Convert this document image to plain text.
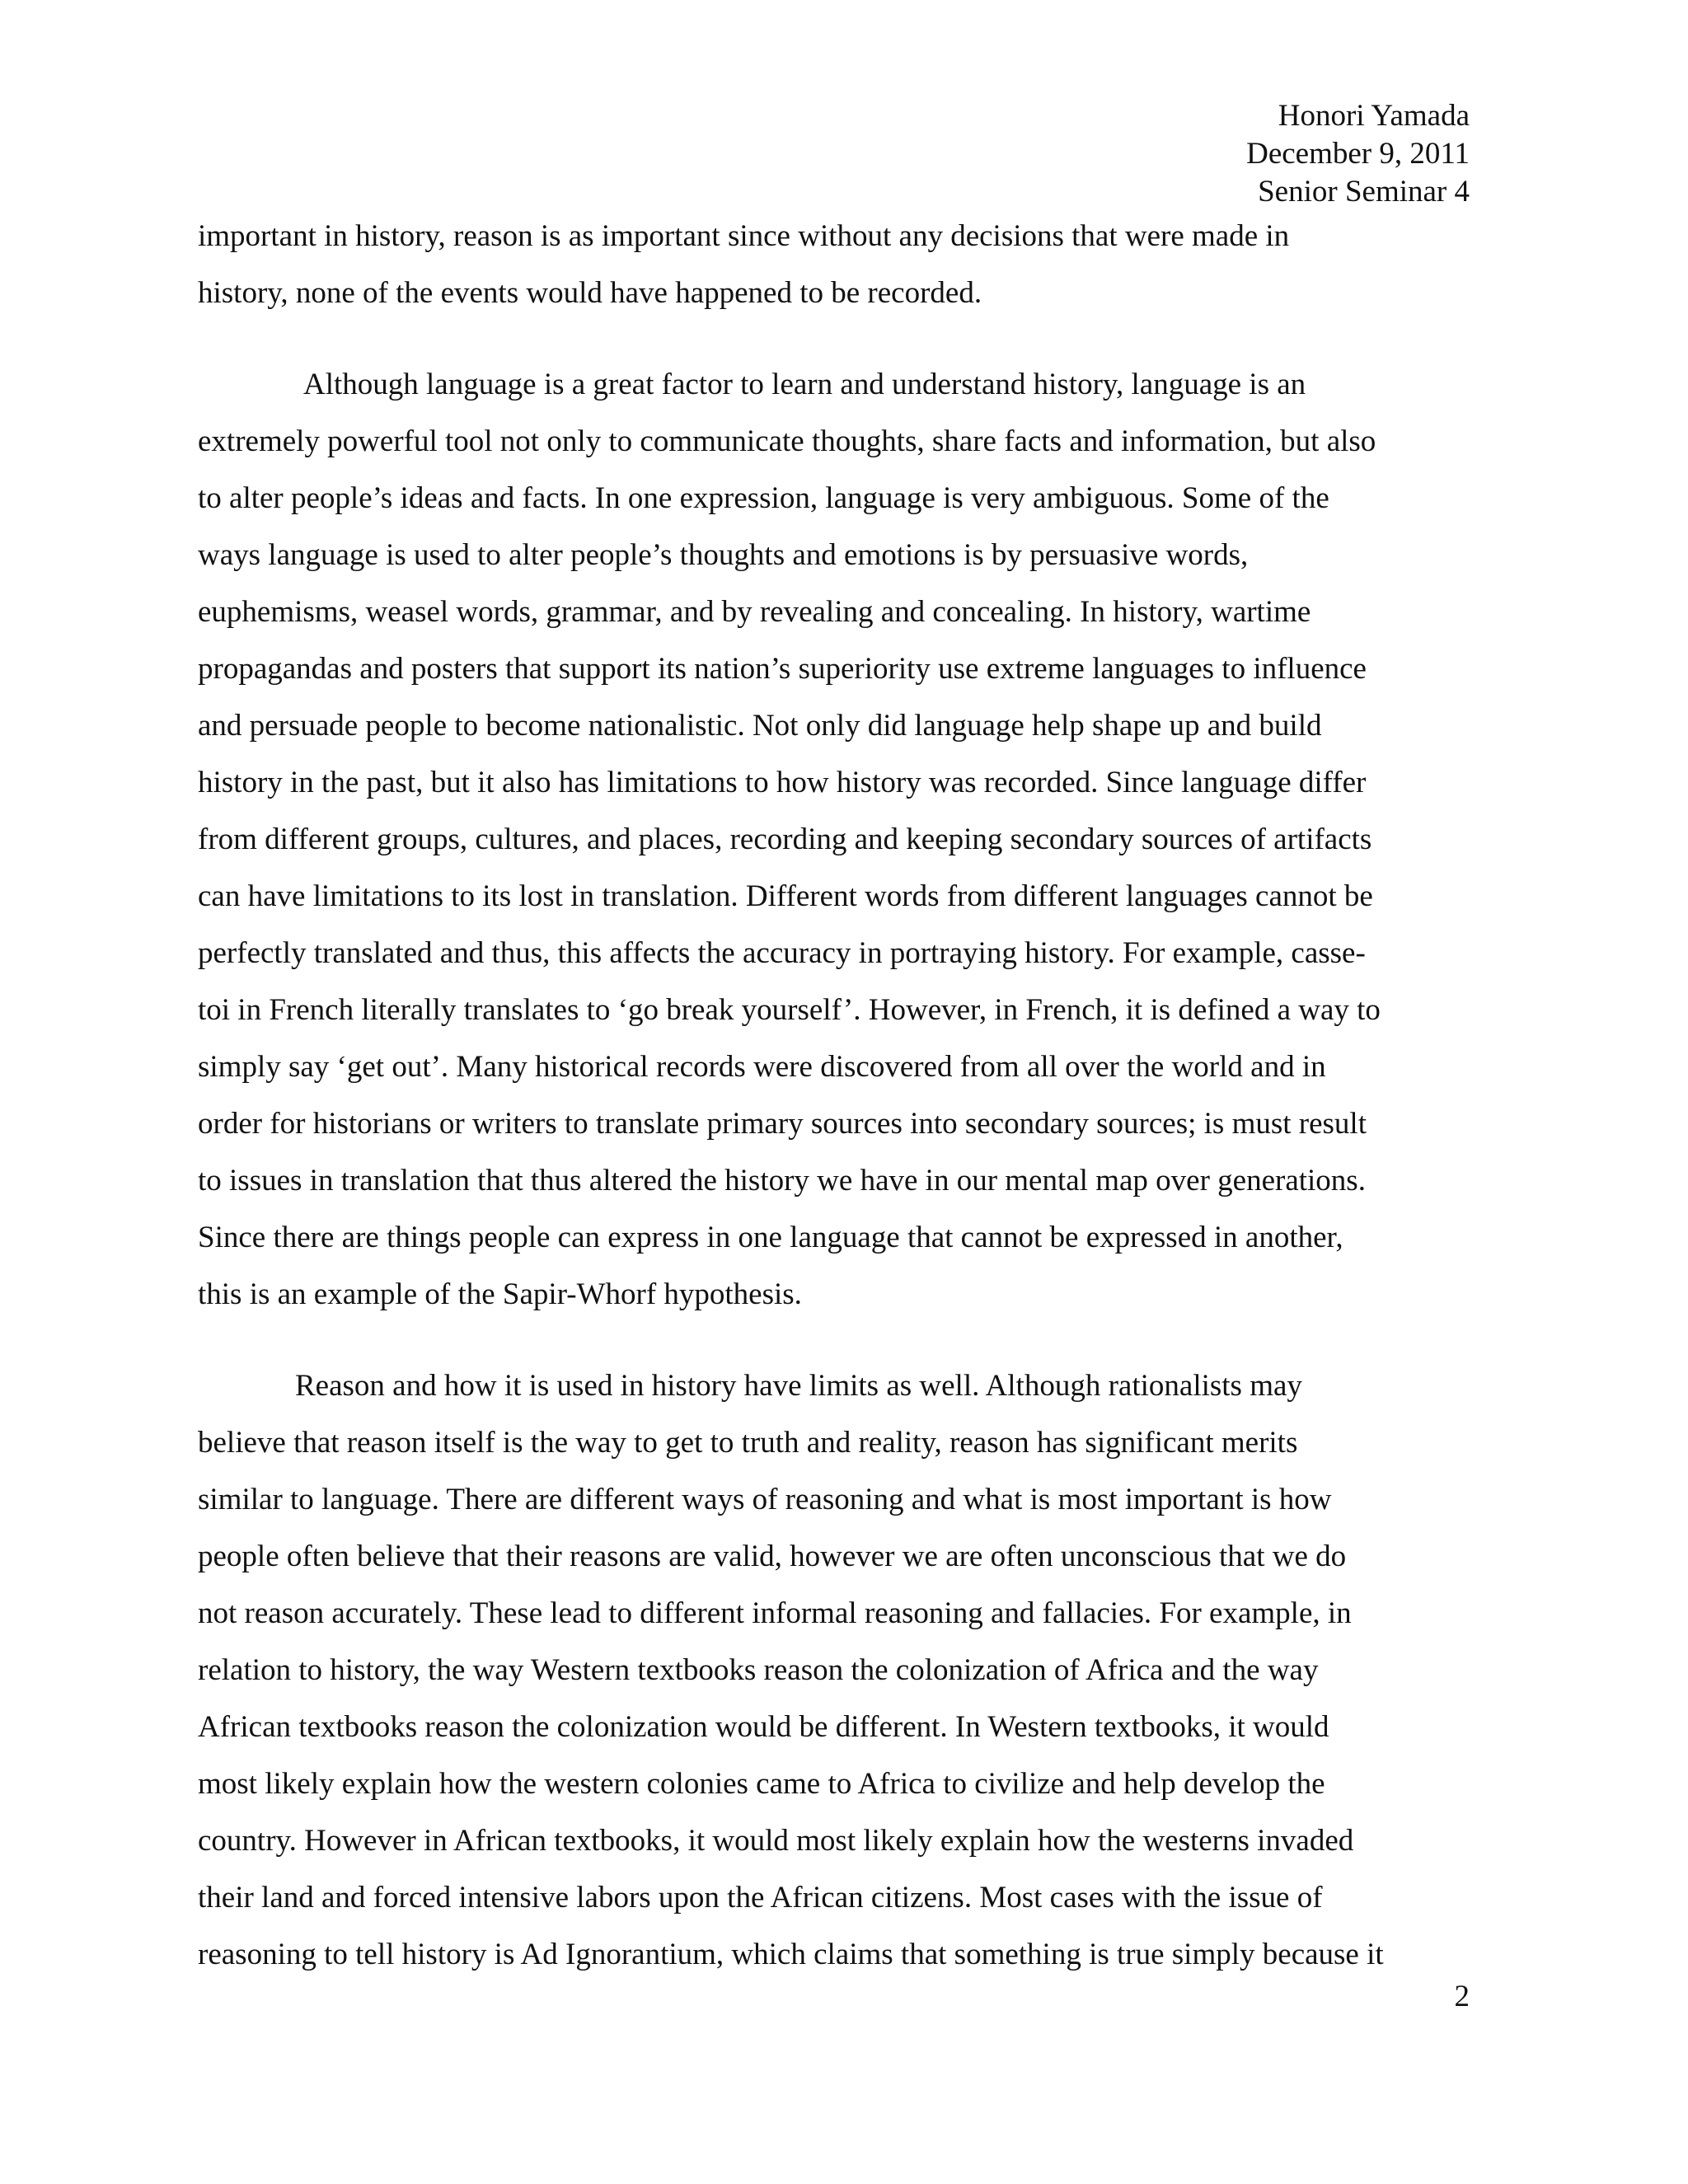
Honori Yamada
December 9, 2011
Senior Seminar 4

important in history, reason is as important since without any decisions that were made in

history, none of the events would have happened to be recorded.

Although language is a great factor to learn and understand history, language is an

extremely powerful tool not only to communicate thoughts, share facts and information, but also

to alter people’s ideas and facts. In one expression, language is very ambiguous. Some of the

ways language is used to alter people’s thoughts and emotions is by persuasive words,

euphemisms, weasel words, grammar, and by revealing and concealing. In history, wartime

propagandas and posters that support its nation’s superiority use extreme languages to influence

and persuade people to become nationalistic. Not only did language help shape up and build

history in the past, but it also has limitations to how history was recorded. Since language differ

from different groups, cultures, and places, recording and keeping secondary sources of artifacts

can have limitations to its lost in translation. Different words from different languages cannot be

perfectly translated and thus, this affects the accuracy in portraying history. For example, casse-

toi in French literally translates to ‘go break yourself’. However, in French, it is defined a way to

simply say ‘get out’. Many historical records were discovered from all over the world and in

order for historians or writers to translate primary sources into secondary sources; is must result

to issues in translation that thus altered the history we have in our mental map over generations.

Since there are things people can express in one language that cannot be expressed in another,

this is an example of the Sapir-Whorf hypothesis.

Reason and how it is used in history have limits as well. Although rationalists may

believe that reason itself is the way to get to truth and reality, reason has significant merits

similar to language. There are different ways of reasoning and what is most important is how

people often believe that their reasons are valid, however we are often unconscious that we do

not reason accurately. These lead to different informal reasoning and fallacies. For example, in

relation to history, the way Western textbooks reason the colonization of Africa and the way

African textbooks reason the colonization would be different. In Western textbooks, it would

most likely explain how the western colonies came to Africa to civilize and help develop the

country. However in African textbooks, it would most likely explain how the westerns invaded

their land and forced intensive labors upon the African citizens. Most cases with the issue of

reasoning to tell history is Ad Ignorantium, which claims that something is true simply because it

2
